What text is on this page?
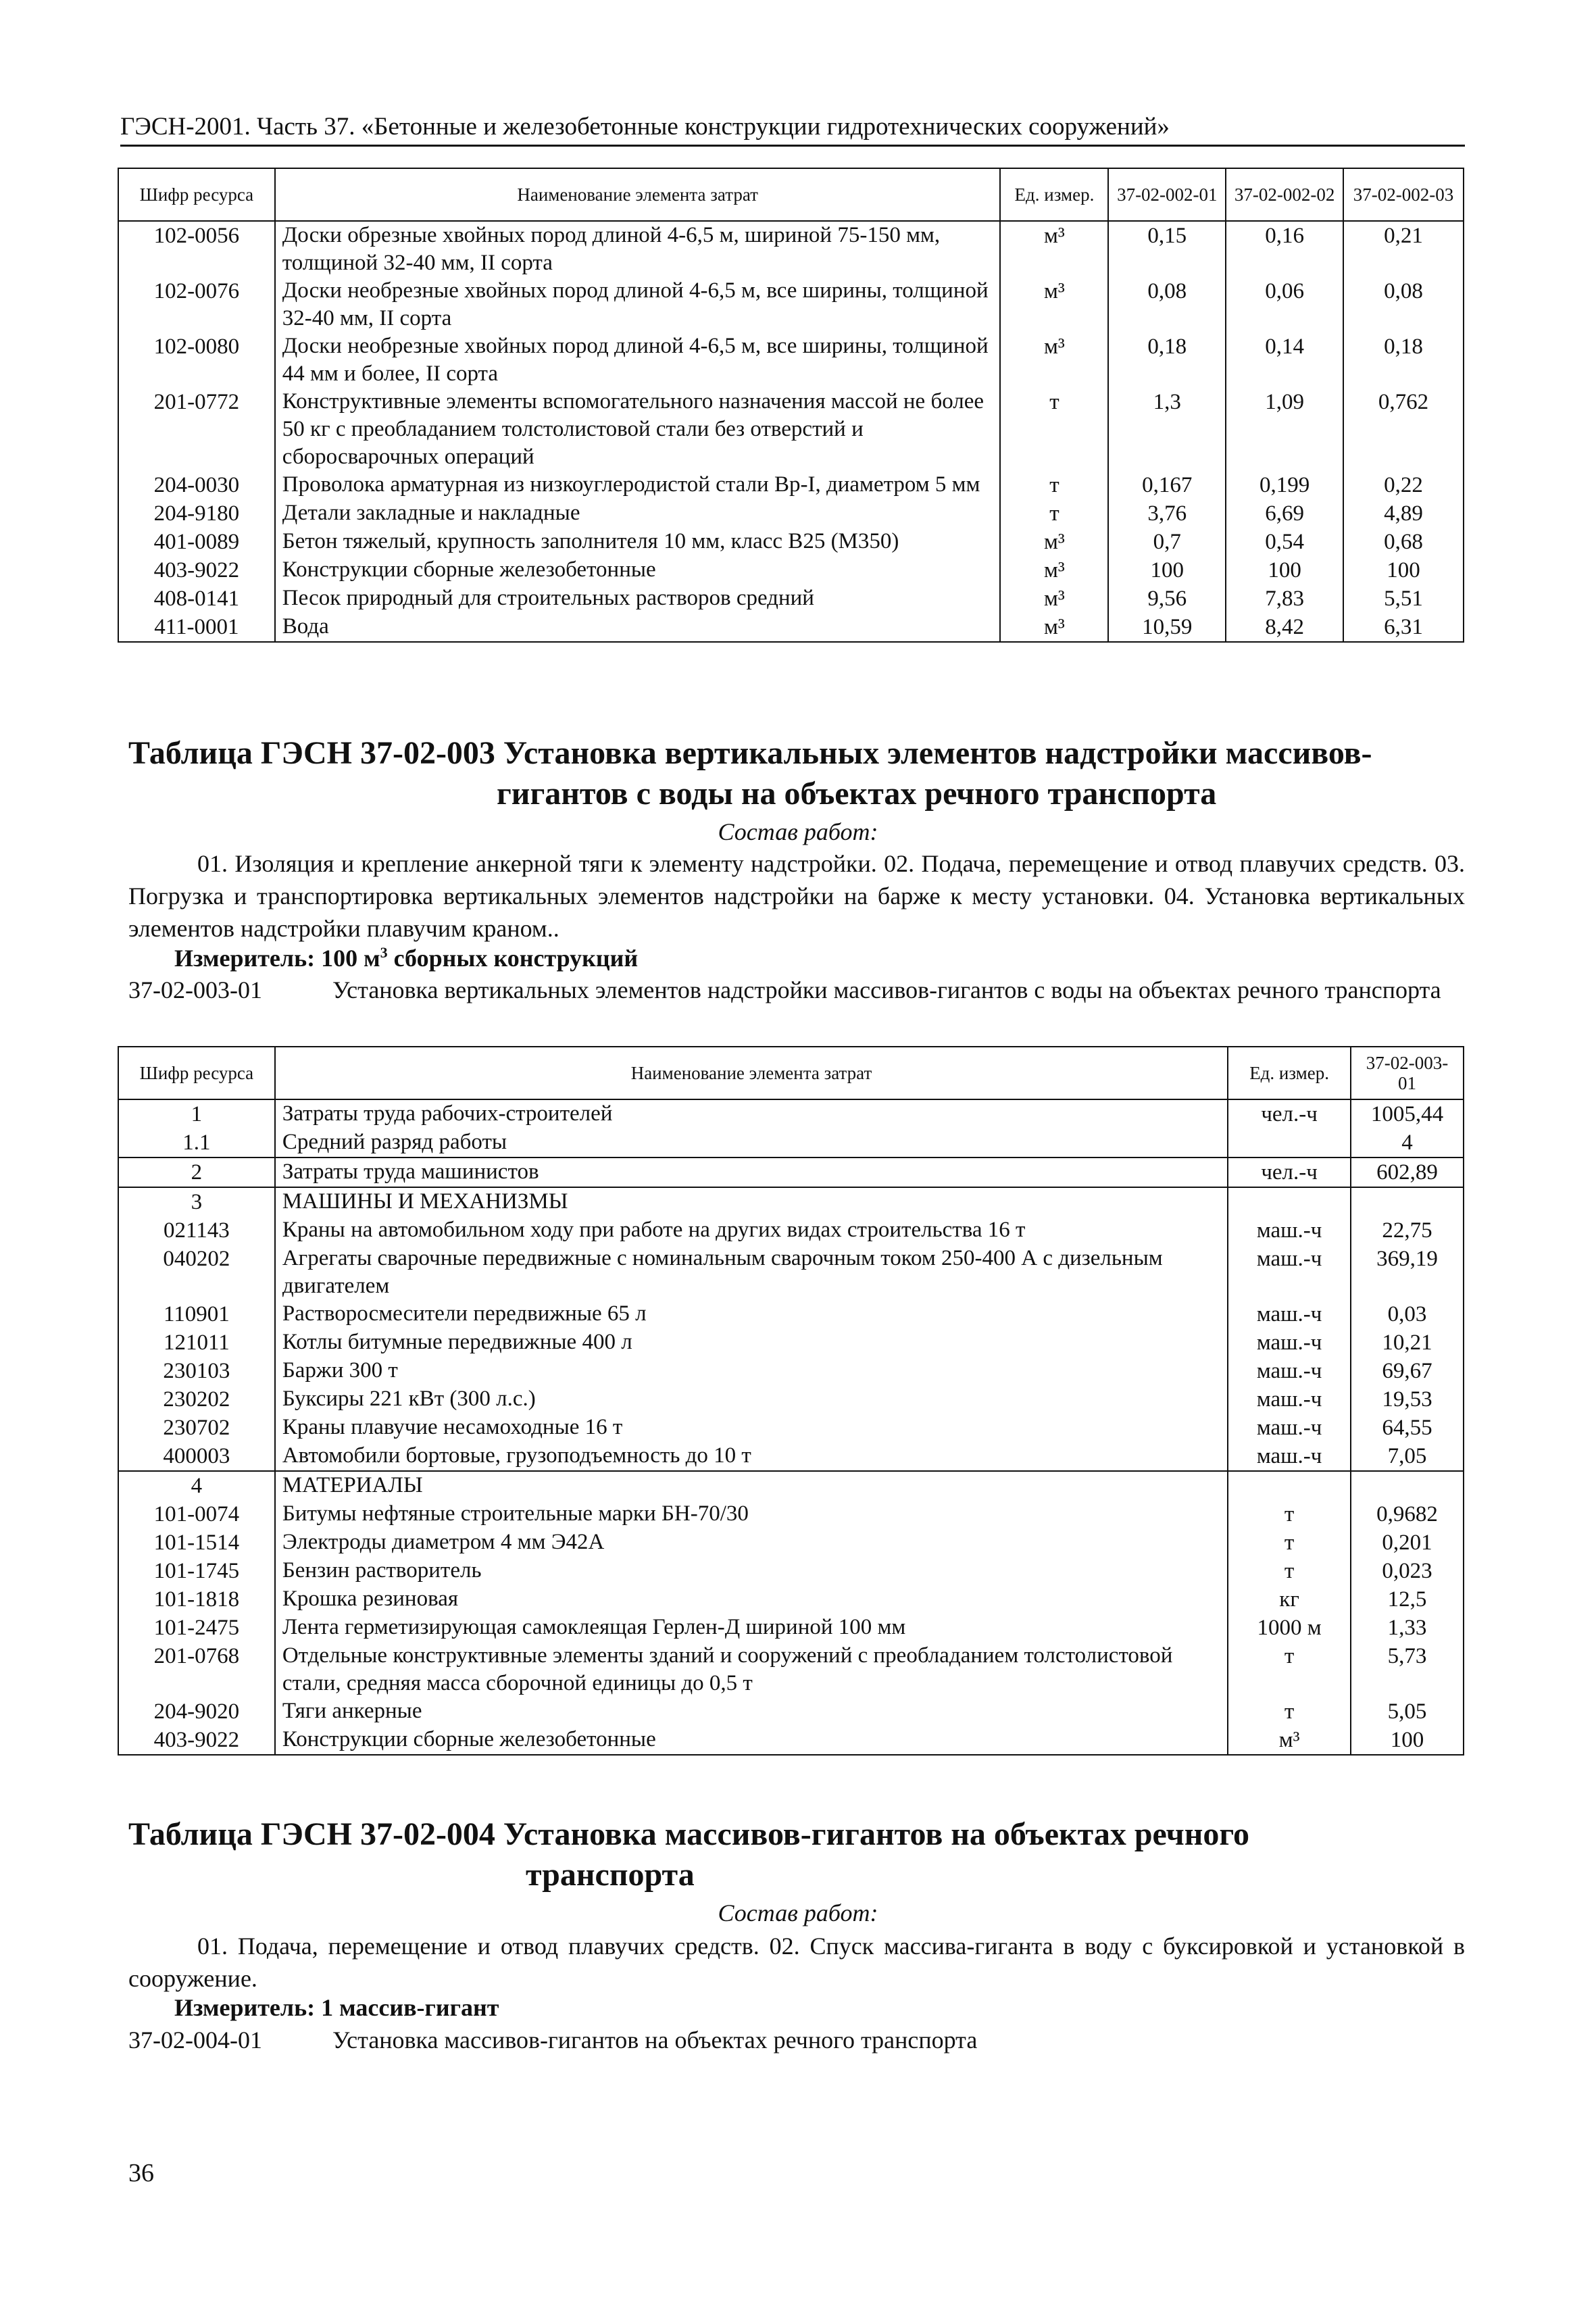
ГЭСН-2001. Часть 37. «Бетонные и железобетонные конструкции гидротехнических сооружений»
Шифр ресурса	Наименование элемента затрат	Ед. измер.	37-02-002-01	37-02-002-02	37-02-002-03
102-0056	Доски обрезные хвойных пород длиной 4-6,5 м, шириной 75-150 мм, толщиной 32-40 мм, II сорта	м³	0,15	0,16	0,21
102-0076	Доски необрезные хвойных пород длиной 4-6,5 м, все ширины, толщиной 32-40 мм, II сорта	м³	0,08	0,06	0,08
102-0080	Доски необрезные хвойных пород длиной 4-6,5 м, все ширины, толщиной 44 мм и более, II сорта	м³	0,18	0,14	0,18
201-0772	Конструктивные элементы вспомогательного назначения массой не более 50 кг с преобладанием толстолистовой стали без отверстий и сборосварочных операций	т	1,3	1,09	0,762
204-0030	Проволока арматурная из низкоуглеродистой стали Вр-I, диаметром 5 мм	т	0,167	0,199	0,22
204-9180	Детали закладные и накладные	т	3,76	6,69	4,89
401-0089	Бетон тяжелый, крупность заполнителя 10 мм, класс В25 (М350)	м³	0,7	0,54	0,68
403-9022	Конструкции сборные железобетонные	м³	100	100	100
408-0141	Песок природный для строительных растворов средний	м³	9,56	7,83	5,51
411-0001	Вода	м³	10,59	8,42	6,31
Таблица ГЭСН 37-02-003 Установка вертикальных элементов надстройки массивов-
гигантов с воды на объектах речного транспорта
Состав работ:
01. Изоляция и крепление анкерной тяги к элементу надстройки. 02. Подача, перемещение и отвод плавучих средств. 03. Погрузка и транспортировка вертикальных элементов надстройки на барже к месту установки. 04. Установка вертикальных элементов надстройки плавучим краном..
Измеритель: 100 $м^3$ сборных конструкций
37-02-003-01	Установка вертикальных элементов надстройки массивов-гигантов с воды на объектах речного транспорта
Шифр ресурса	Наименование элемента затрат	Ед. измер.	37-02-003-01
1	Затраты труда рабочих-строителей	чел.-ч	1005,44
1.1	Средний разряд работы		4
2	Затраты труда машинистов	чел.-ч	602,89
3	МАШИНЫ И МЕХАНИЗМЫ		
021143	Краны на автомобильном ходу при работе на других видах строительства 16 т	маш.-ч	22,75
040202	Агрегаты сварочные передвижные с номинальным сварочным током 250-400 А с дизельным двигателем	маш.-ч	369,19
110901	Растворосмесители передвижные 65 л	маш.-ч	0,03
121011	Котлы битумные передвижные 400 л	маш.-ч	10,21
230103	Баржи 300 т	маш.-ч	69,67
230202	Буксиры 221 кВт (300 л.с.)	маш.-ч	19,53
230702	Краны плавучие несамоходные 16 т	маш.-ч	64,55
400003	Автомобили бортовые, грузоподъемность до 10 т	маш.-ч	7,05
4	МАТЕРИАЛЫ		
101-0074	Битумы нефтяные строительные марки БН-70/30	т	0,9682
101-1514	Электроды диаметром 4 мм Э42А	т	0,201
101-1745	Бензин растворитель	т	0,023
101-1818	Крошка резиновая	кг	12,5
101-2475	Лента герметизирующая самоклеящая Герлен-Д шириной 100 мм	1000 м	1,33
201-0768	Отдельные конструктивные элементы зданий и сооружений с преобладанием толстолистовой стали, средняя масса сборочной единицы до 0,5 т	т	5,73
204-9020	Тяги анкерные	т	5,05
403-9022	Конструкции сборные железобетонные	м³	100
Таблица ГЭСН 37-02-004 Установка массивов-гигантов на объектах речного
транспорта
Состав работ:
01. Подача, перемещение и отвод плавучих средств. 02. Спуск массива-гиганта в воду с буксировкой и установкой в сооружение.
Измеритель: 1 массив-гигант
37-02-004-01	Установка массивов-гигантов на объектах речного транспорта
36
